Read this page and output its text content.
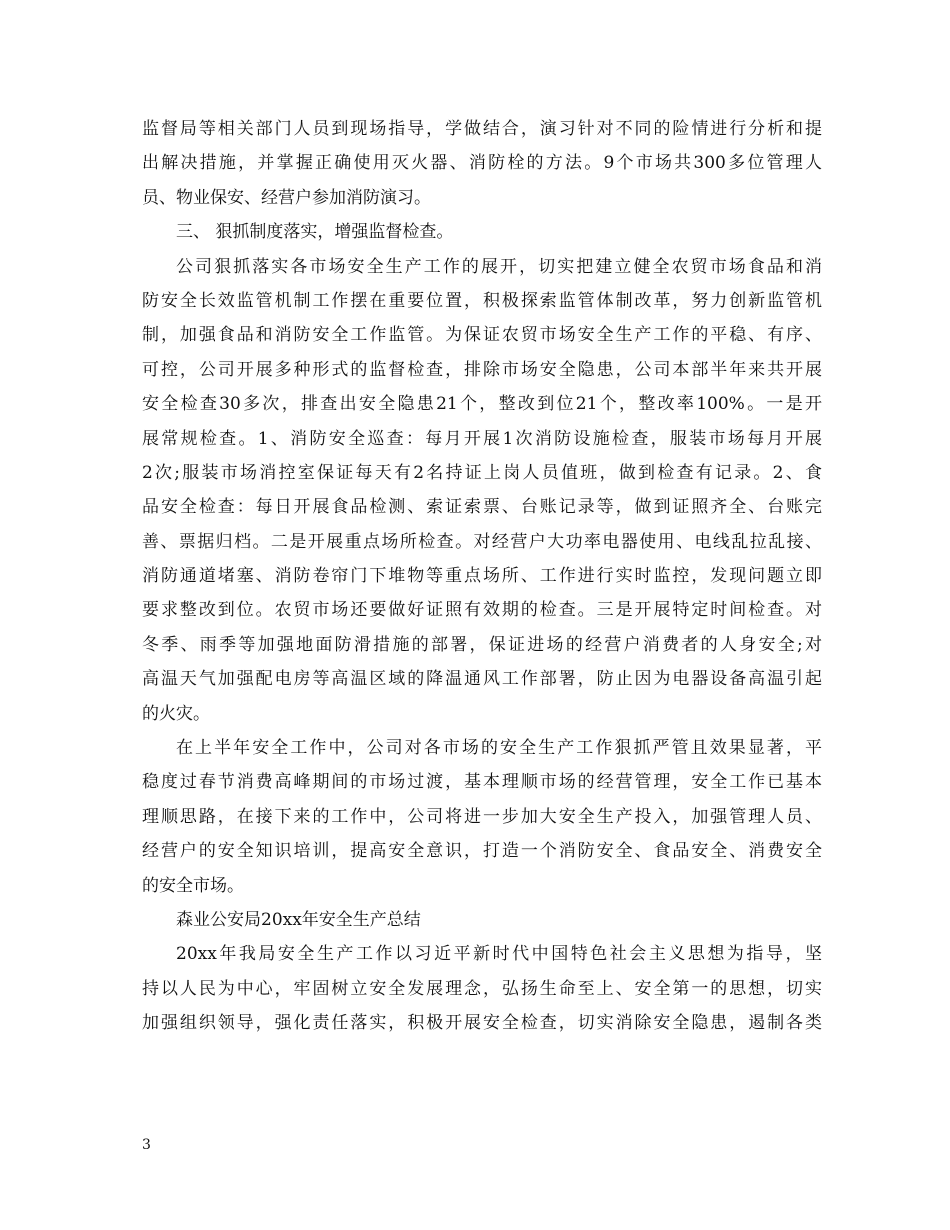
监督局等相关部门人员到现场指导，学做结合，演习针对不同的险情进行分析和提
出解决措施，并掌握正确使用灭火器、消防栓的方法。9个市场共300多位管理人
员、物业保安、经营户参加消防演习。
三、 狠抓制度落实，增强监督检查。
公司狠抓落实各市场安全生产工作的展开，切实把建立健全农贸市场食品和消
防安全长效监管机制工作摆在重要位置，积极探索监管体制改革，努力创新监管机
制，加强食品和消防安全工作监管。为保证农贸市场安全生产工作的平稳、有序、
可控，公司开展多种形式的监督检查，排除市场安全隐患，公司本部半年来共开展
安全检查30多次，排查出安全隐患21个，整改到位21个，整改率100%。一是开
展常规检查。1、消防安全巡查：每月开展1次消防设施检查，服装市场每月开展
2次;服装市场消控室保证每天有2名持证上岗人员值班，做到检查有记录。2、食
品安全检查：每日开展食品检测、索证索票、台账记录等，做到证照齐全、台账完
善、票据归档。二是开展重点场所检查。对经营户大功率电器使用、电线乱拉乱接、
消防通道堵塞、消防卷帘门下堆物等重点场所、工作进行实时监控，发现问题立即
要求整改到位。农贸市场还要做好证照有效期的检查。三是开展特定时间检查。对
冬季、雨季等加强地面防滑措施的部署，保证进场的经营户消费者的人身安全;对
高温天气加强配电房等高温区域的降温通风工作部署，防止因为电器设备高温引起
的火灾。
在上半年安全工作中，公司对各市场的安全生产工作狠抓严管且效果显著，平
稳度过春节消费高峰期间的市场过渡，基本理顺市场的经营管理，安全工作已基本
理顺思路，在接下来的工作中，公司将进一步加大安全生产投入，加强管理人员、
经营户的安全知识培训，提高安全意识，打造一个消防安全、食品安全、消费安全
的安全市场。
森业公安局20xx年安全生产总结
20xx年我局安全生产工作以习近平新时代中国特色社会主义思想为指导，坚
持以人民为中心，牢固树立安全发展理念，弘扬生命至上、安全第一的思想，切实
加强组织领导，强化责任落实，积极开展安全检查，切实消除安全隐患，遏制各类
3
